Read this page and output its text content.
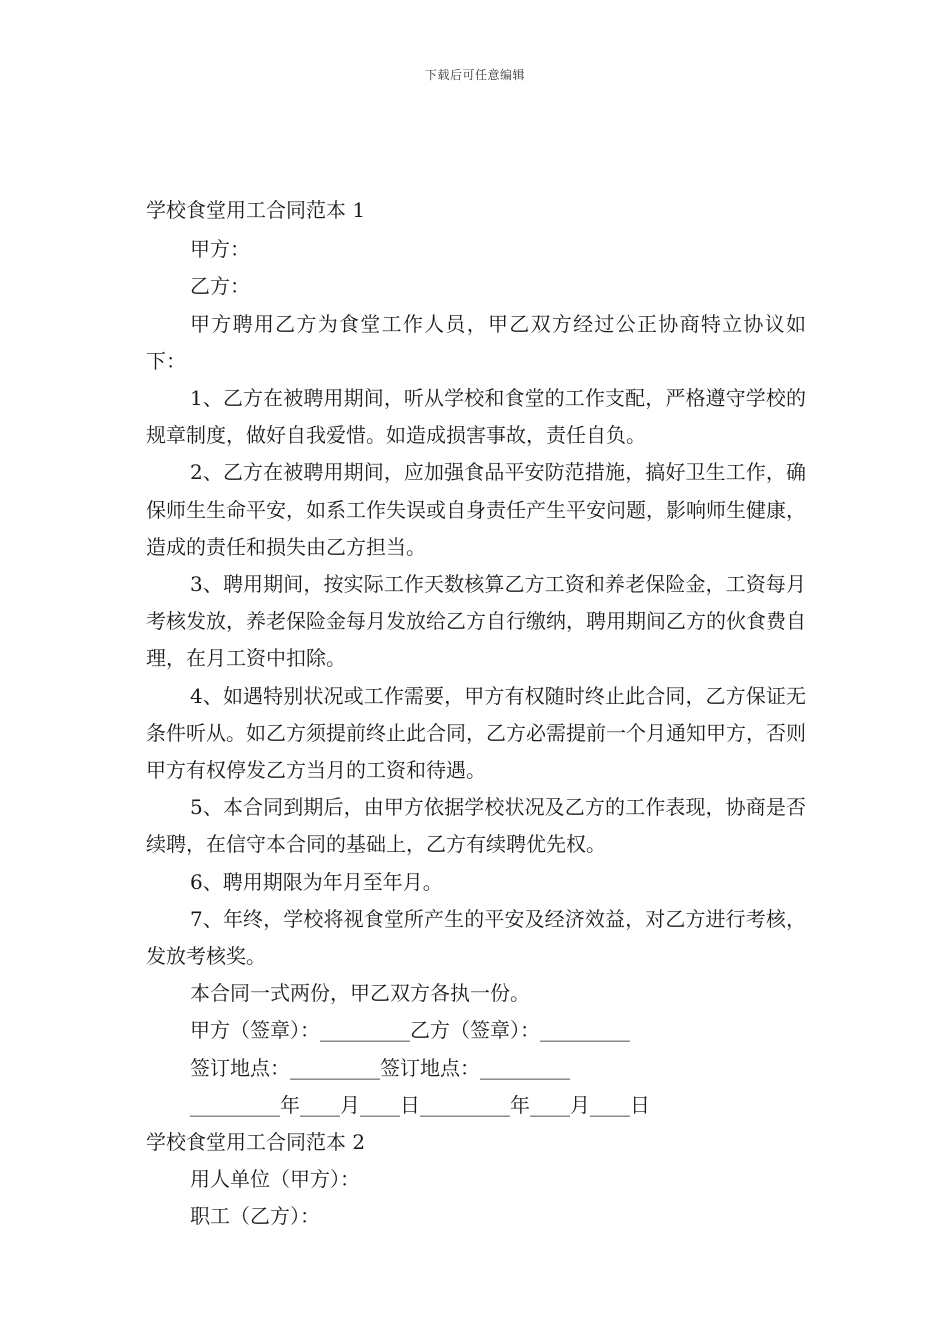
下载后可任意编辑

学校食堂用工合同范本 1

甲方：

乙方：

甲方聘用乙方为食堂工作人员，甲乙双方经过公正协商特立协议如下：

1、乙方在被聘用期间，听从学校和食堂的工作支配，严格遵守学校的规章制度，做好自我爱惜。如造成损害事故，责任自负。

2、乙方在被聘用期间，应加强食品平安防范措施，搞好卫生工作，确保师生生命平安，如系工作失误或自身责任产生平安问题，影响师生健康，造成的责任和损失由乙方担当。

3、聘用期间，按实际工作天数核算乙方工资和养老保险金，工资每月考核发放，养老保险金每月发放给乙方自行缴纳，聘用期间乙方的伙食费自理，在月工资中扣除。

4、如遇特别状况或工作需要，甲方有权随时终止此合同，乙方保证无条件听从。如乙方须提前终止此合同，乙方必需提前一个月通知甲方，否则甲方有权停发乙方当月的工资和待遇。

5、本合同到期后，由甲方依据学校状况及乙方的工作表现，协商是否续聘，在信守本合同的基础上，乙方有续聘优先权。

6、聘用期限为年月至年月。

7、年终，学校将视食堂所产生的平安及经济效益，对乙方进行考核，发放考核奖。

本合同一式两份，甲乙双方各执一份。

甲方（签章）：_________乙方（签章）：_________

签订地点：_________签订地点：_________

_________年____月____日_________年____月____日

学校食堂用工合同范本 2

用人单位（甲方）：

职工（乙方）：
